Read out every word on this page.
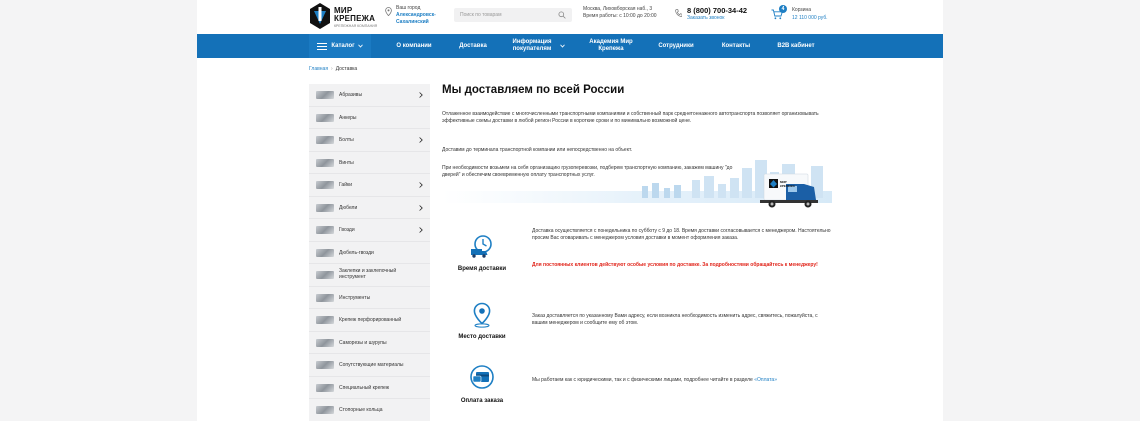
МИР
КРЕПЕЖА
КРЕПЕЖНАЯ КОМПАНИЯ
Ваш город
Александровск-Сахалинский
Поиск по товарам
Москва, Лиховборская наб., 3
Время работы: с 10:00 до 20:00
8 (800) 700-34-42
Заказать звонок
4	Корзина
12 110 000 руб.
Каталог	О компании	Доставка
Информация покупателям
Академия Мир Крепежа
Сотрудники	Контакты	B2B кабинет
Главная › Доставка
Абразивы
Анкеры
Болты
Винты
Гайки
Дюбели
Гвозди
Дюбель-гвозди
Заклепки и заклепочный инструмент
Инструменты
Крепеж перфорированный
Саморезы и шурупы
Сопутствующие материалы
Специальный крепеж
Стопорные кольца
Мы доставляем по всей России
Отлаженное взаимодействие с многочисленными транспортными компаниями и собственный парк среднетоннажного автотранспорта позволяет организовывать эффективные схемы доставки в любой регион России в короткие сроки и по минимально возможной цене.
Доставим до терминала транспортной компании или непосредственно на объект.
При необходимости возьмем на себя организацию грузоперевозки, подберем транспортную компанию, закажем машину "до дверей" и обеспечим своевременную оплату транспортных услуг.
МИР
КРЕПЕЖА
Время доставки
Доставка осуществляется с понедельника по субботу с 9 до 18. Время доставки согласовывается с менеджером. Настоятельно просим Вас оговаривать с менеджером условия доставки в момент оформления заказа.
Для постоянных клиентов действуют особые условия по доставке. За подробностями обращайтесь к менеджеру!
Место доставки
Заказ доставляется по указанному Вами адресу, если возникла необходимость изменить адрес, свяжитесь, пожалуйста, с вашим менеджером и сообщите ему об этом.
Оплата заказа
Мы работаем как с юридическими, так и с физическими лицами, подробнее читайте в разделе «Оплата»
